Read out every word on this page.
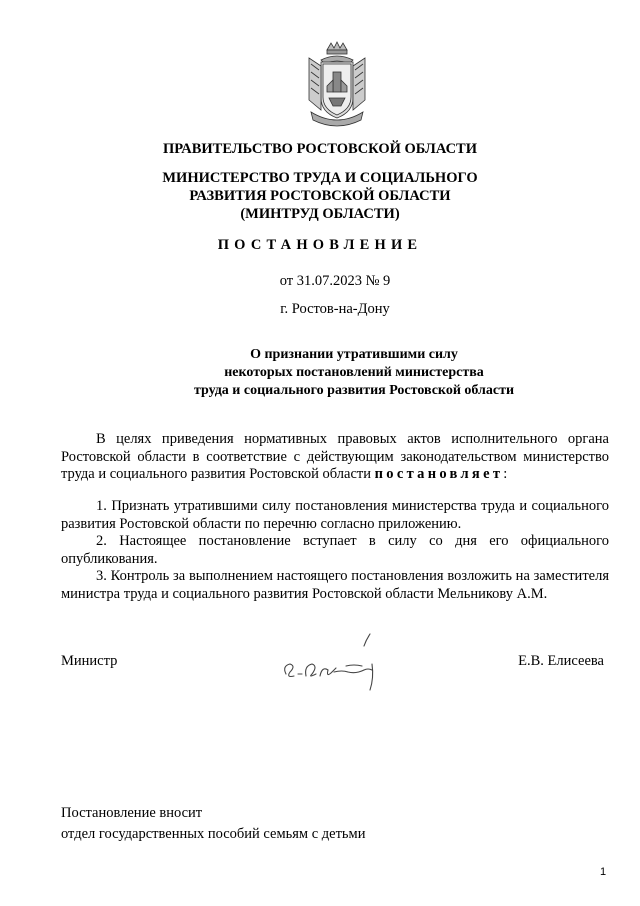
ПРАВИТЕЛЬСТВО РОСТОВСКОЙ ОБЛАСТИ
МИНИСТЕРСТВО ТРУДА И СОЦИАЛЬНОГО
РАЗВИТИЯ РОСТОВСКОЙ ОБЛАСТИ
(МИНТРУД ОБЛАСТИ)
ПОСТАНОВЛЕНИЕ
от 31.07.2023 № 9
г. Ростов-на-Дону
О признании утратившими силу
некоторых постановлений министерства
труда и социального развития Ростовской области

В целях приведения нормативных правовых актов исполнительного органа Ростовской области в соответствие с действующим законодательством министерство труда и социального развития Ростовской области постановляет:

1. Признать утратившими силу постановления министерства труда и социального развития Ростовской области по перечню согласно приложению.

2. Настоящее постановление вступает в силу со дня его официального опубликования.

3. Контроль за выполнением настоящего постановления возложить на заместителя министра труда и социального развития Ростовской области Мельникову А.М.

Министр	Е.В. Елисеева
Постановление вносит
отдел государственных пособий семьям с детьми
1
